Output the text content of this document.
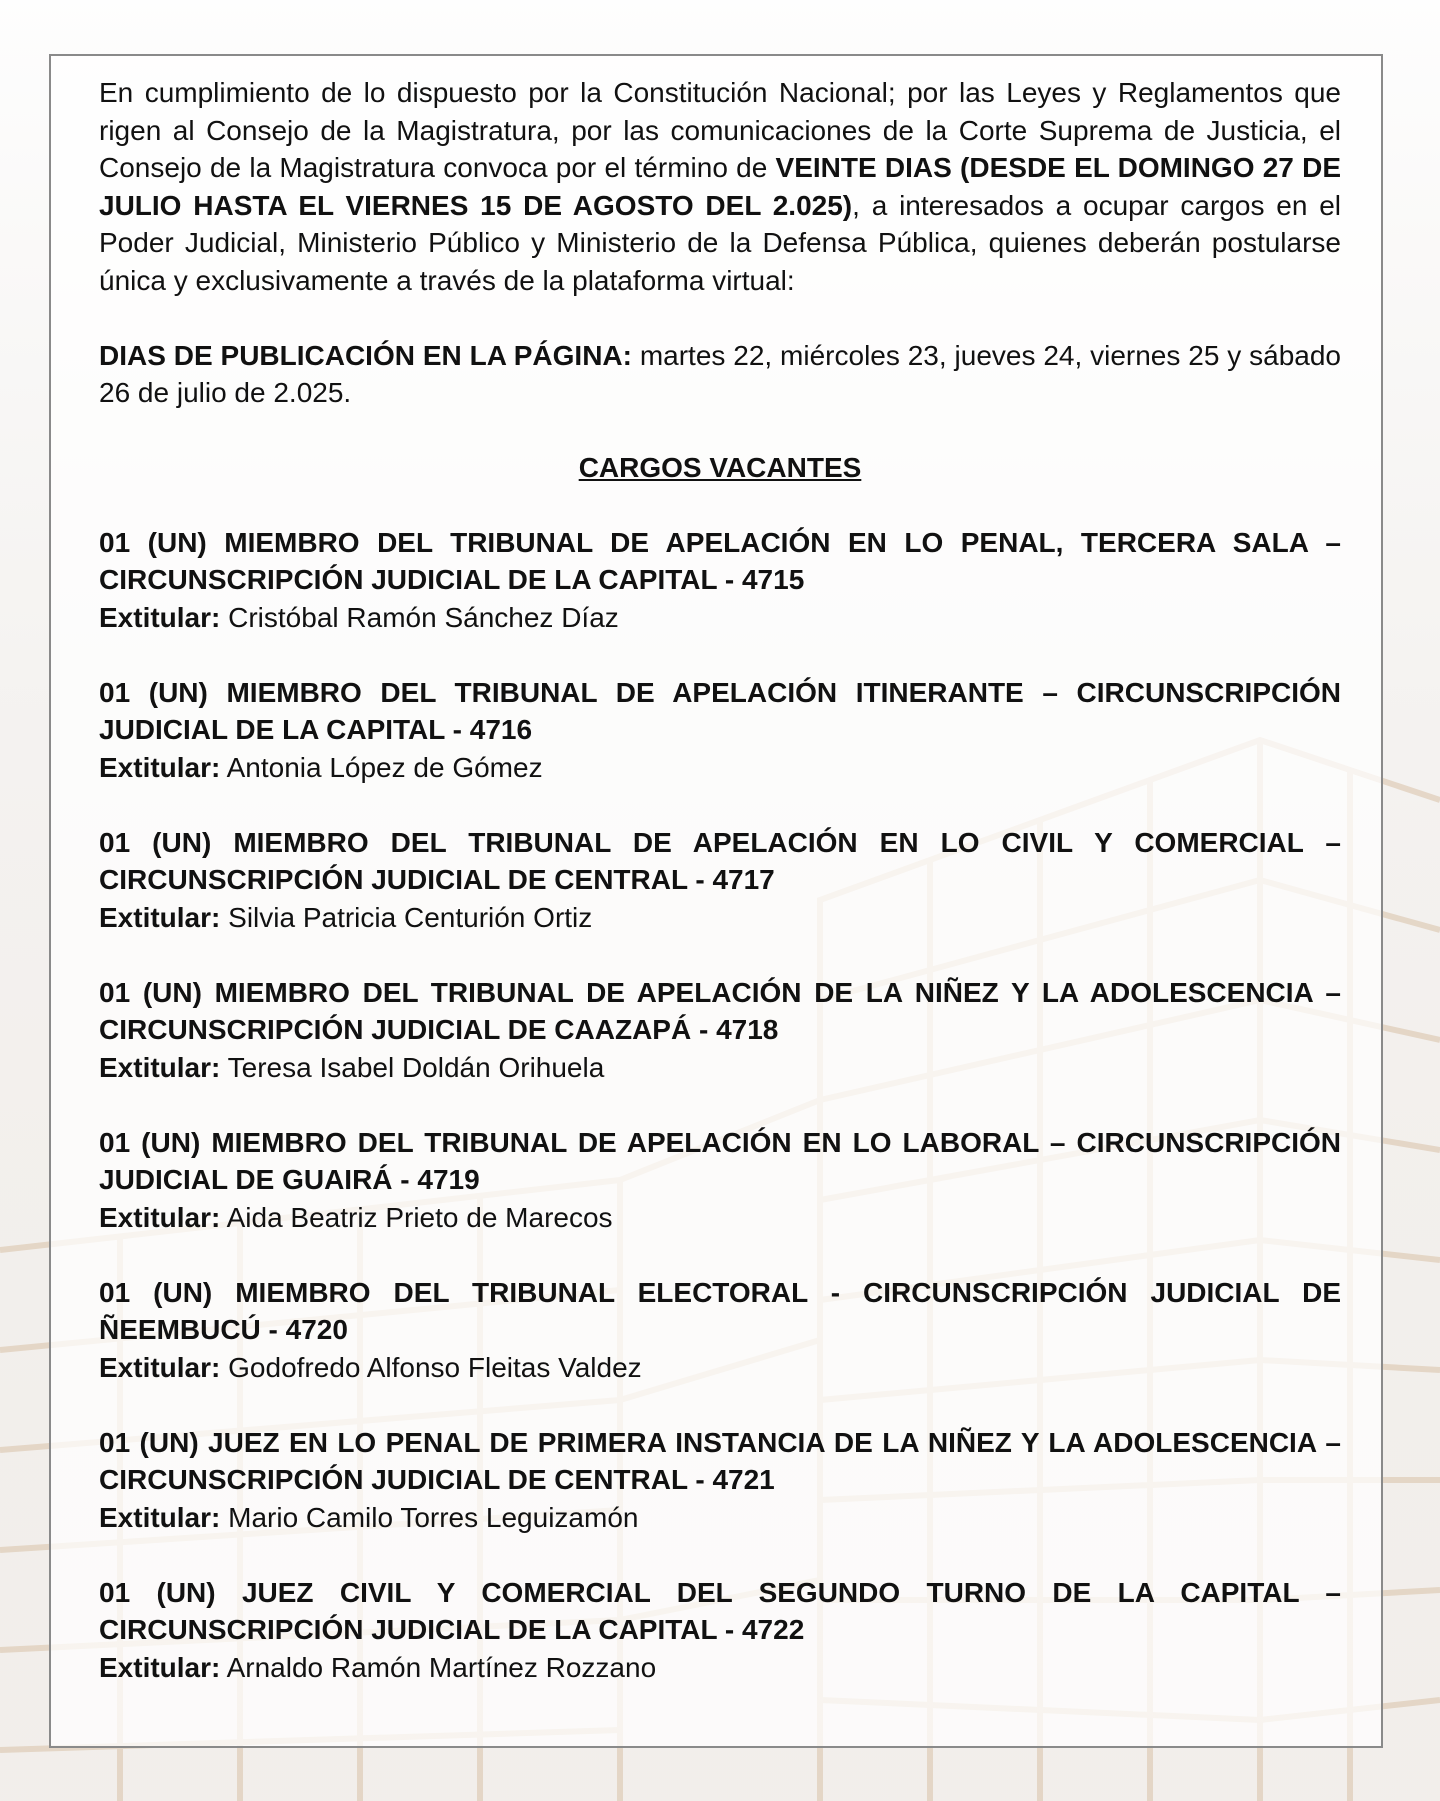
En cumplimiento de lo dispuesto por la Constitución Nacional; por las Leyes y Reglamentos que rigen al Consejo de la Magistratura, por las comunicaciones de la Corte Suprema de Justicia, el Consejo de la Magistratura convoca por el término de VEINTE DIAS (DESDE EL DOMINGO 27 DE JULIO HASTA EL VIERNES 15 DE AGOSTO DEL 2.025), a interesados a ocupar cargos en el Poder Judicial, Ministerio Público y Ministerio de la Defensa Pública, quienes deberán postularse única y exclusivamente a través de la plataforma virtual:

DIAS DE PUBLICACIÓN EN LA PÁGINA: martes 22, miércoles 23, jueves 24, viernes 25 y sábado 26 de julio de 2.025.

CARGOS VACANTES

01 (UN) MIEMBRO DEL TRIBUNAL DE APELACIÓN EN LO PENAL, TERCERA SALA – CIRCUNSCRIPCIÓN JUDICIAL DE LA CAPITAL - 4715

Extitular: Cristóbal Ramón Sánchez Díaz

01 (UN) MIEMBRO DEL TRIBUNAL DE APELACIÓN ITINERANTE – CIRCUNSCRIPCIÓN JUDICIAL DE LA CAPITAL - 4716

Extitular: Antonia López de Gómez

01 (UN) MIEMBRO DEL TRIBUNAL DE APELACIÓN EN LO CIVIL Y COMERCIAL – CIRCUNSCRIPCIÓN JUDICIAL DE CENTRAL - 4717

Extitular: Silvia Patricia Centurión Ortiz

01 (UN) MIEMBRO DEL TRIBUNAL DE APELACIÓN DE LA NIÑEZ Y LA ADOLESCENCIA – CIRCUNSCRIPCIÓN JUDICIAL DE CAAZAPÁ - 4718

Extitular: Teresa Isabel Doldán Orihuela

01 (UN) MIEMBRO DEL TRIBUNAL DE APELACIÓN EN LO LABORAL – CIRCUNSCRIPCIÓN JUDICIAL DE GUAIRÁ - 4719

Extitular: Aida Beatriz Prieto de Marecos

01 (UN) MIEMBRO DEL TRIBUNAL ELECTORAL - CIRCUNSCRIPCIÓN JUDICIAL DE ÑEEMBUCÚ - 4720

Extitular: Godofredo Alfonso Fleitas Valdez

01 (UN) JUEZ EN LO PENAL DE PRIMERA INSTANCIA DE LA NIÑEZ Y LA ADOLESCENCIA – CIRCUNSCRIPCIÓN JUDICIAL DE CENTRAL - 4721

Extitular: Mario Camilo Torres Leguizamón

01 (UN) JUEZ CIVIL Y COMERCIAL DEL SEGUNDO TURNO DE LA CAPITAL – CIRCUNSCRIPCIÓN JUDICIAL DE LA CAPITAL - 4722

Extitular: Arnaldo Ramón Martínez Rozzano
